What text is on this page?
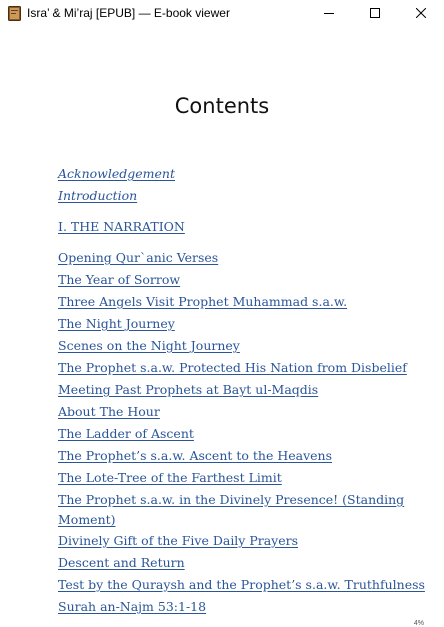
Isra’ & Mi’raj [EPUB] — E-book viewer
Contents
Acknowledgement
Introduction
I. THE NARRATION
Opening Qur`anic Verses
The Year of Sorrow
Three Angels Visit Prophet Muhammad s.a.w.
The Night Journey
Scenes on the Night Journey
The Prophet s.a.w. Protected His Nation from Disbelief
Meeting Past Prophets at Bayt ul-Maqdis
About The Hour
The Ladder of Ascent
The Prophet’s s.a.w. Ascent to the Heavens
The Lote-Tree of the Farthest Limit
The Prophet s.a.w. in the Divinely Presence! (Standing Moment)
Divinely Gift of the Five Daily Prayers
Descent and Return
Test by the Quraysh and the Prophet’s s.a.w. Truthfulness
Surah an-Najm 53:1-18
4%
